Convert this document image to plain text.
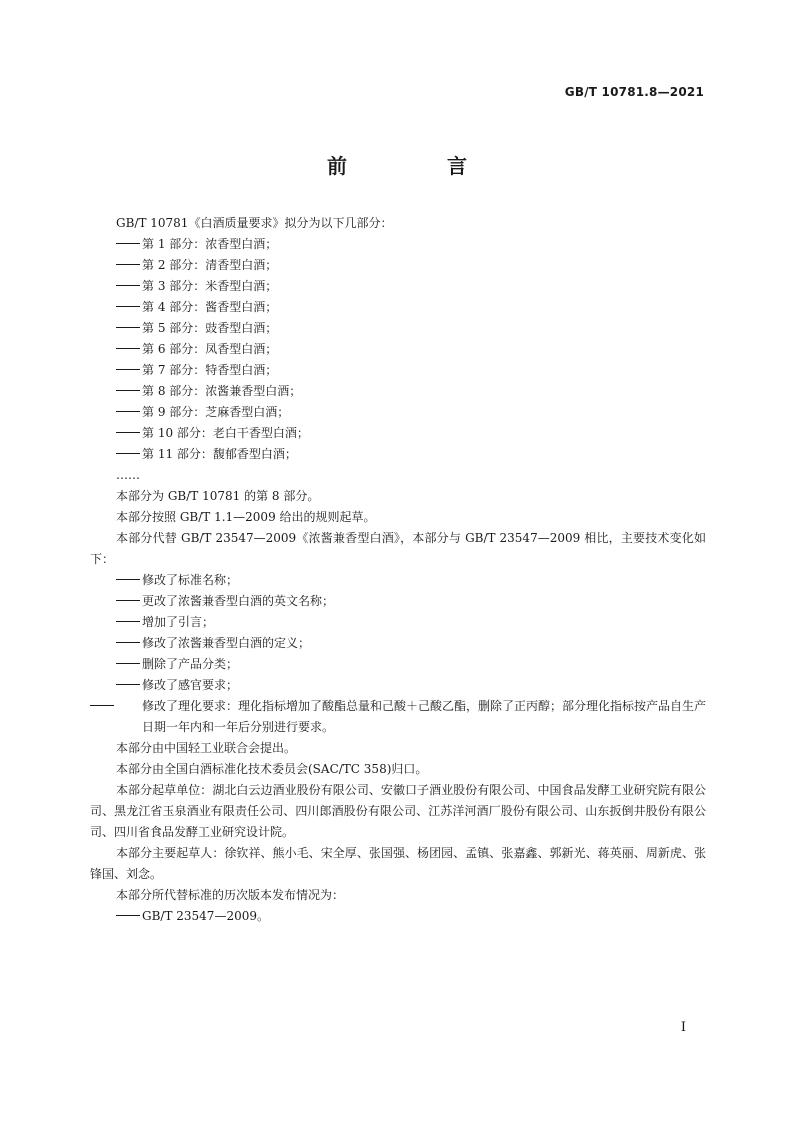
GB/T 10781.8—2021
前　言
GB/T 10781《白酒质量要求》拟分为以下几部分：
第 1 部分：浓香型白酒；
第 2 部分：清香型白酒；
第 3 部分：米香型白酒；
第 4 部分：酱香型白酒；
第 5 部分：豉香型白酒；
第 6 部分：凤香型白酒；
第 7 部分：特香型白酒；
第 8 部分：浓酱兼香型白酒；
第 9 部分：芝麻香型白酒；
第 10 部分：老白干香型白酒；
第 11 部分：馥郁香型白酒；
……
本部分为 GB/T 10781 的第 8 部分。
本部分按照 GB/T 1.1—2009 给出的规则起草。
本部分代替 GB/T 23547—2009《浓酱兼香型白酒》，本部分与 GB/T 23547—2009 相比，主要技术变化如下：
修改了标准名称；
更改了浓酱兼香型白酒的英文名称；
增加了引言；
修改了浓酱兼香型白酒的定义；
删除了产品分类；
修改了感官要求；
修改了理化要求：理化指标增加了酸酯总量和己酸＋己酸乙酯，删除了正丙醇；部分理化指标按产品自生产日期一年内和一年后分别进行要求。
本部分由中国轻工业联合会提出。
本部分由全国白酒标准化技术委员会(SAC/TC 358)归口。
本部分起草单位：湖北白云边酒业股份有限公司、安徽口子酒业股份有限公司、中国食品发酵工业研究院有限公司、黑龙江省玉泉酒业有限责任公司、四川郎酒股份有限公司、江苏洋河酒厂股份有限公司、山东扳倒井股份有限公司、四川省食品发酵工业研究设计院。
本部分主要起草人：徐钦祥、熊小毛、宋全厚、张国强、杨团园、孟镇、张嘉鑫、郭新光、蒋英丽、周新虎、张锋国、刘念。
本部分所代替标准的历次版本发布情况为：
GB/T 23547—2009。
I
